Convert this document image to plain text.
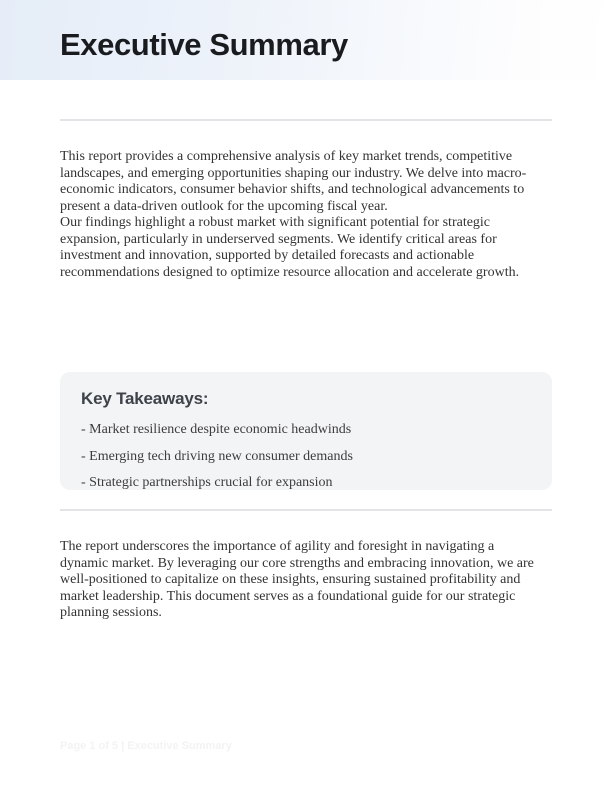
Executive Summary

This report provides a comprehensive analysis of key market trends, competitive landscapes, and emerging opportunities shaping our industry. We delve into macro-economic indicators, consumer behavior shifts, and technological advancements to present a data-driven outlook for the upcoming fiscal year.

Our findings highlight a robust market with significant potential for strategic expansion, particularly in underserved segments. We identify critical areas for investment and innovation, supported by detailed forecasts and actionable recommendations designed to optimize resource allocation and accelerate growth.

Key Takeaways:
- Market resilience despite economic headwinds
- Emerging tech driving new consumer demands
- Strategic partnerships crucial for expansion

The report underscores the importance of agility and foresight in navigating a dynamic market. By leveraging our core strengths and embracing innovation, we are well-positioned to capitalize on these insights, ensuring sustained profitability and market leadership. This document serves as a foundational guide for our strategic planning sessions.

Page 1 of 5 | Executive Summary
